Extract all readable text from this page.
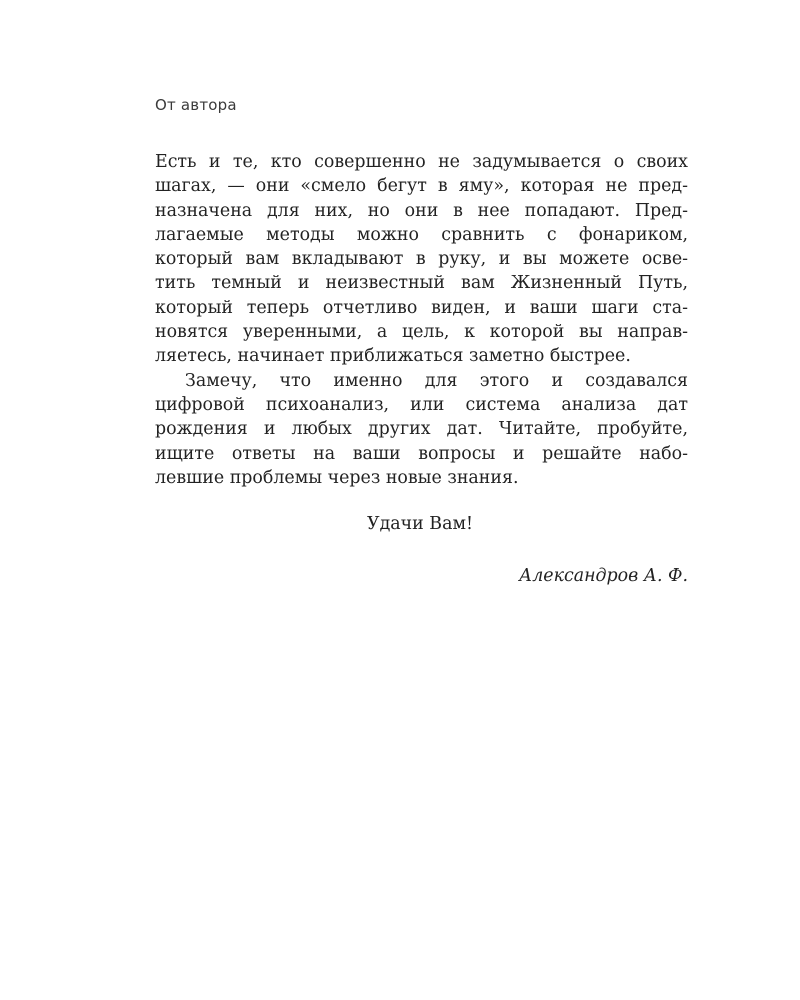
От автора
Есть и те, кто совершенно не задумывается о своих
шагах, — они «смело бегут в яму», которая не пред-
назначена для них, но они в нее попадают. Пред-
лагаемые методы можно сравнить с фонариком,
который вам вкладывают в руку, и вы можете осве-
тить темный и неизвестный вам Жизненный Путь,
который теперь отчетливо виден, и ваши шаги ста-
новятся уверенными, а цель, к которой вы направ-
ляетесь, начинает приближаться заметно быстрее.
Замечу, что именно для этого и создавался
цифровой психоанализ, или система анализа дат
рождения и любых других дат. Читайте, пробуйте,
ищите ответы на ваши вопросы и решайте набо-
левшие проблемы через новые знания.
Удачи Вам!
Александров А. Ф.
